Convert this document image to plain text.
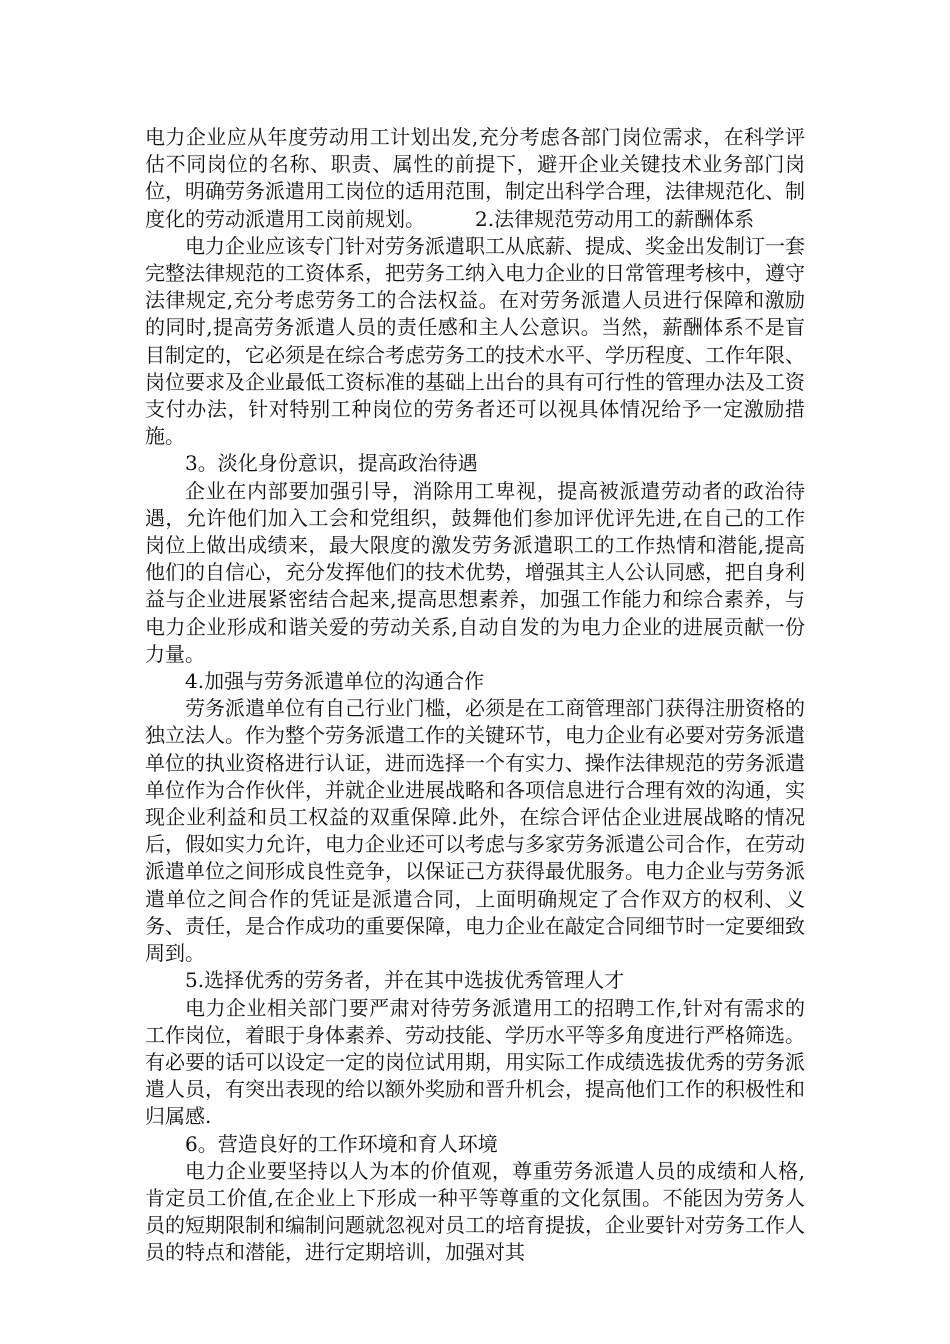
电力企业应从年度劳动用工计划出发,充分考虑各部门岗位需求，在科学评估不同岗位的名称、职责、属性的前提下，避开企业关键技术业务部门岗位，明确劳务派遣用工岗位的适用范围，制定出科学合理，法律规范化、制度化的劳动派遣用工岗前规划。　　　2.法律规范劳动用工的薪酬体系

电力企业应该专门针对劳务派遣职工从底薪、提成、奖金出发制订一套完整法律规范的工资体系，把劳务工纳入电力企业的日常管理考核中，遵守法律规定,充分考虑劳务工的合法权益。在对劳务派遣人员进行保障和激励的同时,提高劳务派遣人员的责任感和主人公意识。当然，薪酬体系不是盲目制定的，它必须是在综合考虑劳务工的技术水平、学历程度、工作年限、岗位要求及企业最低工资标准的基础上出台的具有可行性的管理办法及工资支付办法，针对特别工种岗位的劳务者还可以视具体情况给予一定激励措施。

3。淡化身份意识，提高政治待遇

企业在内部要加强引导，消除用工卑视，提高被派遣劳动者的政治待遇，允许他们加入工会和党组织，鼓舞他们参加评优评先进,在自己的工作岗位上做出成绩来，最大限度的激发劳务派遣职工的工作热情和潜能,提高他们的自信心，充分发挥他们的技术优势，增强其主人公认同感，把自身利益与企业进展紧密结合起来,提高思想素养，加强工作能力和综合素养，与电力企业形成和谐关爱的劳动关系,自动自发的为电力企业的进展贡献一份力量。

4.加强与劳务派遣单位的沟通合作

劳务派遣单位有自己行业门槛，必须是在工商管理部门获得注册资格的独立法人。作为整个劳务派遣工作的关键环节，电力企业有必要对劳务派遣单位的执业资格进行认证，进而选择一个有实力、操作法律规范的劳务派遣单位作为合作伙伴，并就企业进展战略和各项信息进行合理有效的沟通，实现企业利益和员工权益的双重保障.此外，在综合评估企业进展战略的情况后，假如实力允许，电力企业还可以考虑与多家劳务派遣公司合作，在劳动派遣单位之间形成良性竞争，以保证己方获得最优服务。电力企业与劳务派遣单位之间合作的凭证是派遣合同，上面明确规定了合作双方的权利、义务、责任，是合作成功的重要保障，电力企业在敲定合同细节时一定要细致周到。

5.选择优秀的劳务者，并在其中选拔优秀管理人才

电力企业相关部门要严肃对待劳务派遣用工的招聘工作,针对有需求的工作岗位，着眼于身体素养、劳动技能、学历水平等多角度进行严格筛选。有必要的话可以设定一定的岗位试用期，用实际工作成绩选拔优秀的劳务派遣人员，有突出表现的给以额外奖励和晋升机会，提高他们工作的积极性和归属感.

6。营造良好的工作环境和育人环境

电力企业要坚持以人为本的价值观，尊重劳务派遣人员的成绩和人格,肯定员工价值,在企业上下形成一种平等尊重的文化氛围。不能因为劳务人员的短期限制和编制问题就忽视对员工的培育提拔，企业要针对劳务工作人员的特点和潜能，进行定期培训，加强对其
